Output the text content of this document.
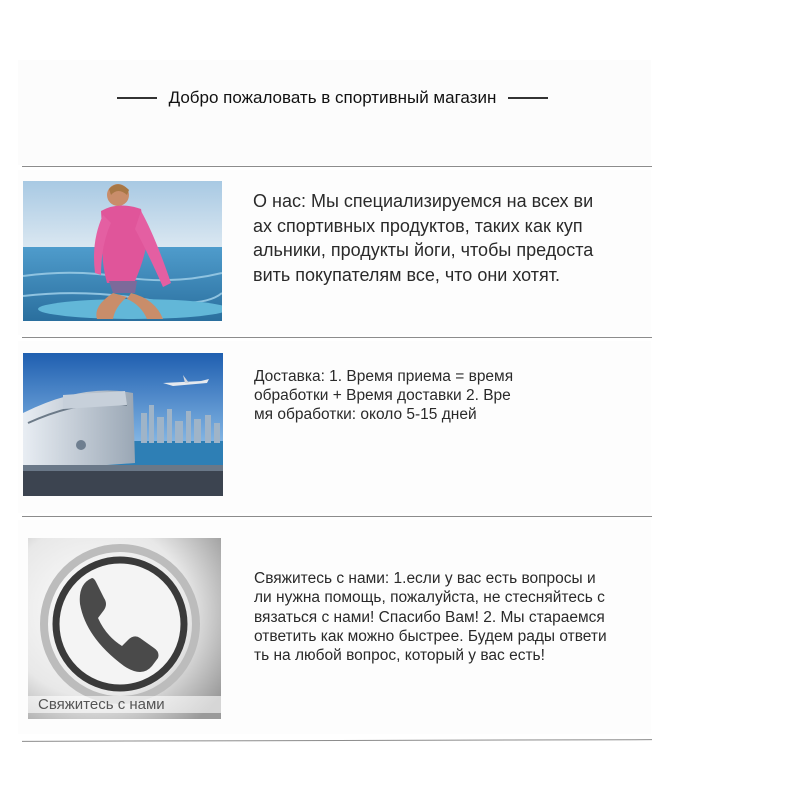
Добро пожаловать в спортивный магазин
О нас: Мы специализируемся на всех ви
ах спортивных продуктов, таких как куп
альники, продукты йоги, чтобы предоста
вить покупателям все, что они хотят.
Доставка: 1. Время приема = время
обработки + Время доставки 2. Вре
мя обработки: около 5-15 дней
Свяжитесь с нами
Свяжитесь с нами: 1.если у вас есть вопросы и
ли нужна помощь, пожалуйста, не стесняйтесь с
вязаться с нами! Спасибо Вам! 2. Мы стараемся
ответить как можно быстрее. Будем рады ответи
ть на любой вопрос, который у вас есть!
